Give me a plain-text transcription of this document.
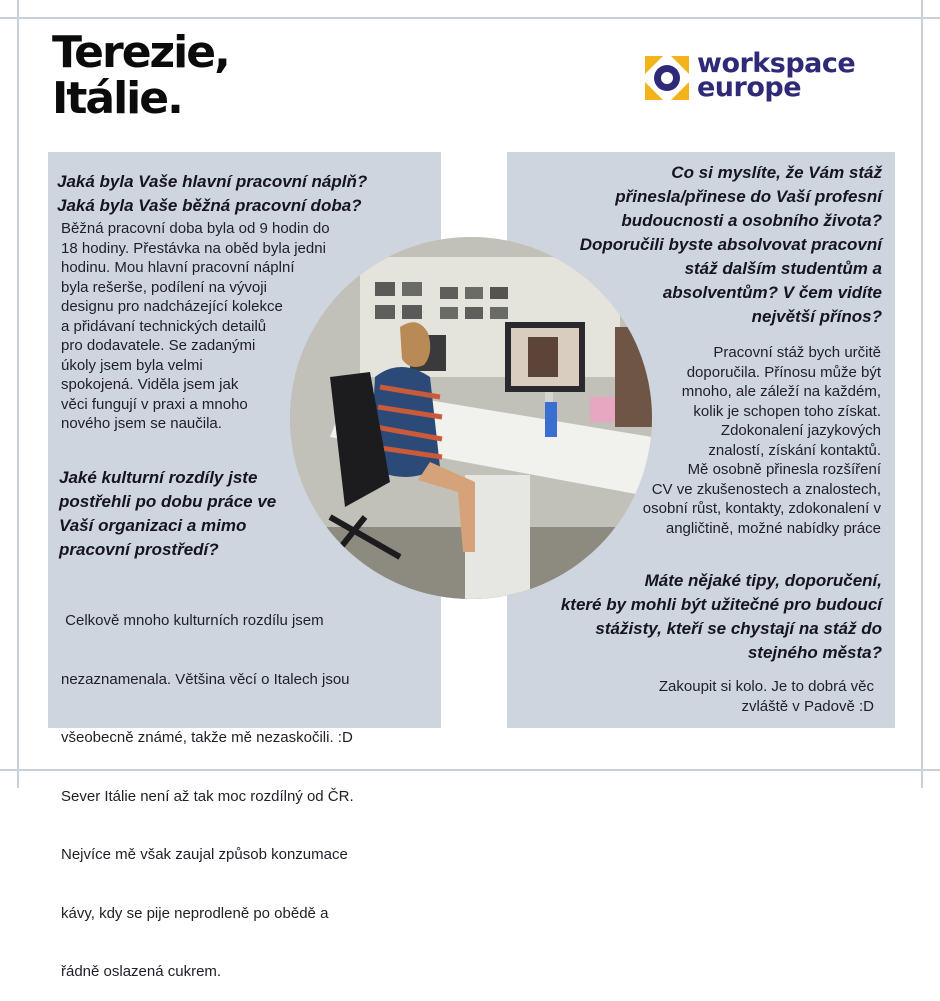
Terezie,
Itálie.
workspace
europe
Jaká byla Vaše hlavní pracovní náplň?
Jaká byla Vaše běžná pracovní doba?
Běžná pracovní doba byla od 9 hodin do
18 hodiny. Přestávka na oběd byla jedni
hodinu. Mou hlavní pracovní náplní
byla rešerše, podílení na vývoji
designu pro nadcházející kolekce
a přidávaní technických detailů
pro dodavatele. Se zadanými
úkoly jsem byla velmi
spokojená. Viděla jsem jak
věci fungují v praxi a mnoho
nového jsem se naučila.
Jaké kulturní rozdíly jste
postřehli po dobu práce ve
Vaší organizaci a mimo
pracovní prostředí?

Celkově mnoho kulturních rozdílu jsem

nezaznamenala. Většina věcí o Italech jsou

všeobecně známé, takže mě nezaskočili. :D

Sever Itálie není až tak moc rozdílný od ČR.

Nejvíce mě však zaujal způsob konzumace

kávy, kdy se pije neprodleně po obědě a

řádně oslazená cukrem.

Co si myslíte, že Vám stáž
přinesla/přinese do Vaší profesní
budoucnosti a osobního života?
Doporučili byste absolvovat pracovní
stáž dalším studentům a
absolventům? V čem vidíte
největší přínos?
Pracovní stáž bych určitě
doporučila. Přínosu může být
mnoho, ale záleží na každém,
kolik je schopen toho získat.
Zdokonalení jazykových
znalostí, získání kontaktů.
Mě osobně přinesla rozšíření
CV ve zkušenostech a znalostech,
osobní růst, kontakty, zdokonalení v
angličtině, možné nabídky práce
Máte nějaké tipy, doporučení,
které by mohli být užitečné pro budoucí
stážisty, kteří se chystají na stáž do
stejného města?
Zakoupit si kolo. Je to dobrá věc
zvláště v Padově :D
